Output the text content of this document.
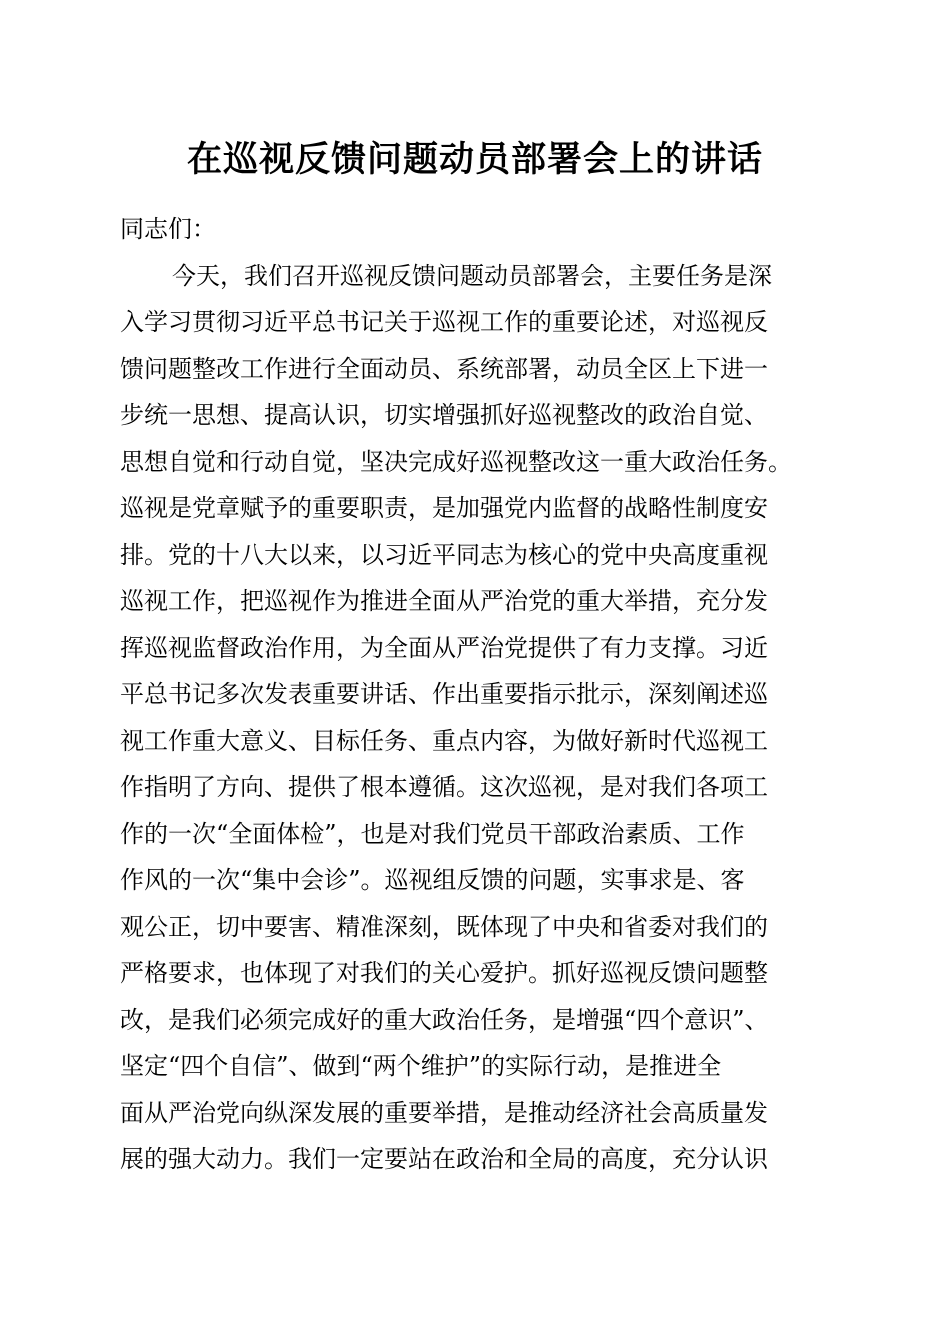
在巡视反馈问题动员部署会上的讲话
同志们：
今天，我们召开巡视反馈问题动员部署会，主要任务是深
入学习贯彻习近平总书记关于巡视工作的重要论述，对巡视反
馈问题整改工作进行全面动员、系统部署，动员全区上下进一
步统一思想、提高认识，切实增强抓好巡视整改的政治自觉、
思想自觉和行动自觉，坚决完成好巡视整改这一重大政治任务。
巡视是党章赋予的重要职责，是加强党内监督的战略性制度安
排。党的十八大以来，以习近平同志为核心的党中央高度重视
巡视工作，把巡视作为推进全面从严治党的重大举措，充分发
挥巡视监督政治作用，为全面从严治党提供了有力支撑。习近
平总书记多次发表重要讲话、作出重要指示批示，深刻阐述巡
视工作重大意义、目标任务、重点内容，为做好新时代巡视工
作指明了方向、提供了根本遵循。这次巡视，是对我们各项工
作的一次“全面体检”，也是对我们党员干部政治素质、工作
作风的一次“集中会诊”。巡视组反馈的问题，实事求是、客
观公正，切中要害、精准深刻，既体现了中央和省委对我们的
严格要求，也体现了对我们的关心爱护。抓好巡视反馈问题整
改，是我们必须完成好的重大政治任务，是增强“四个意识”、
坚定“四个自信”、做到“两个维护”的实际行动，是推进全
面从严治党向纵深发展的重要举措，是推动经济社会高质量发
展的强大动力。我们一定要站在政治和全局的高度，充分认识
